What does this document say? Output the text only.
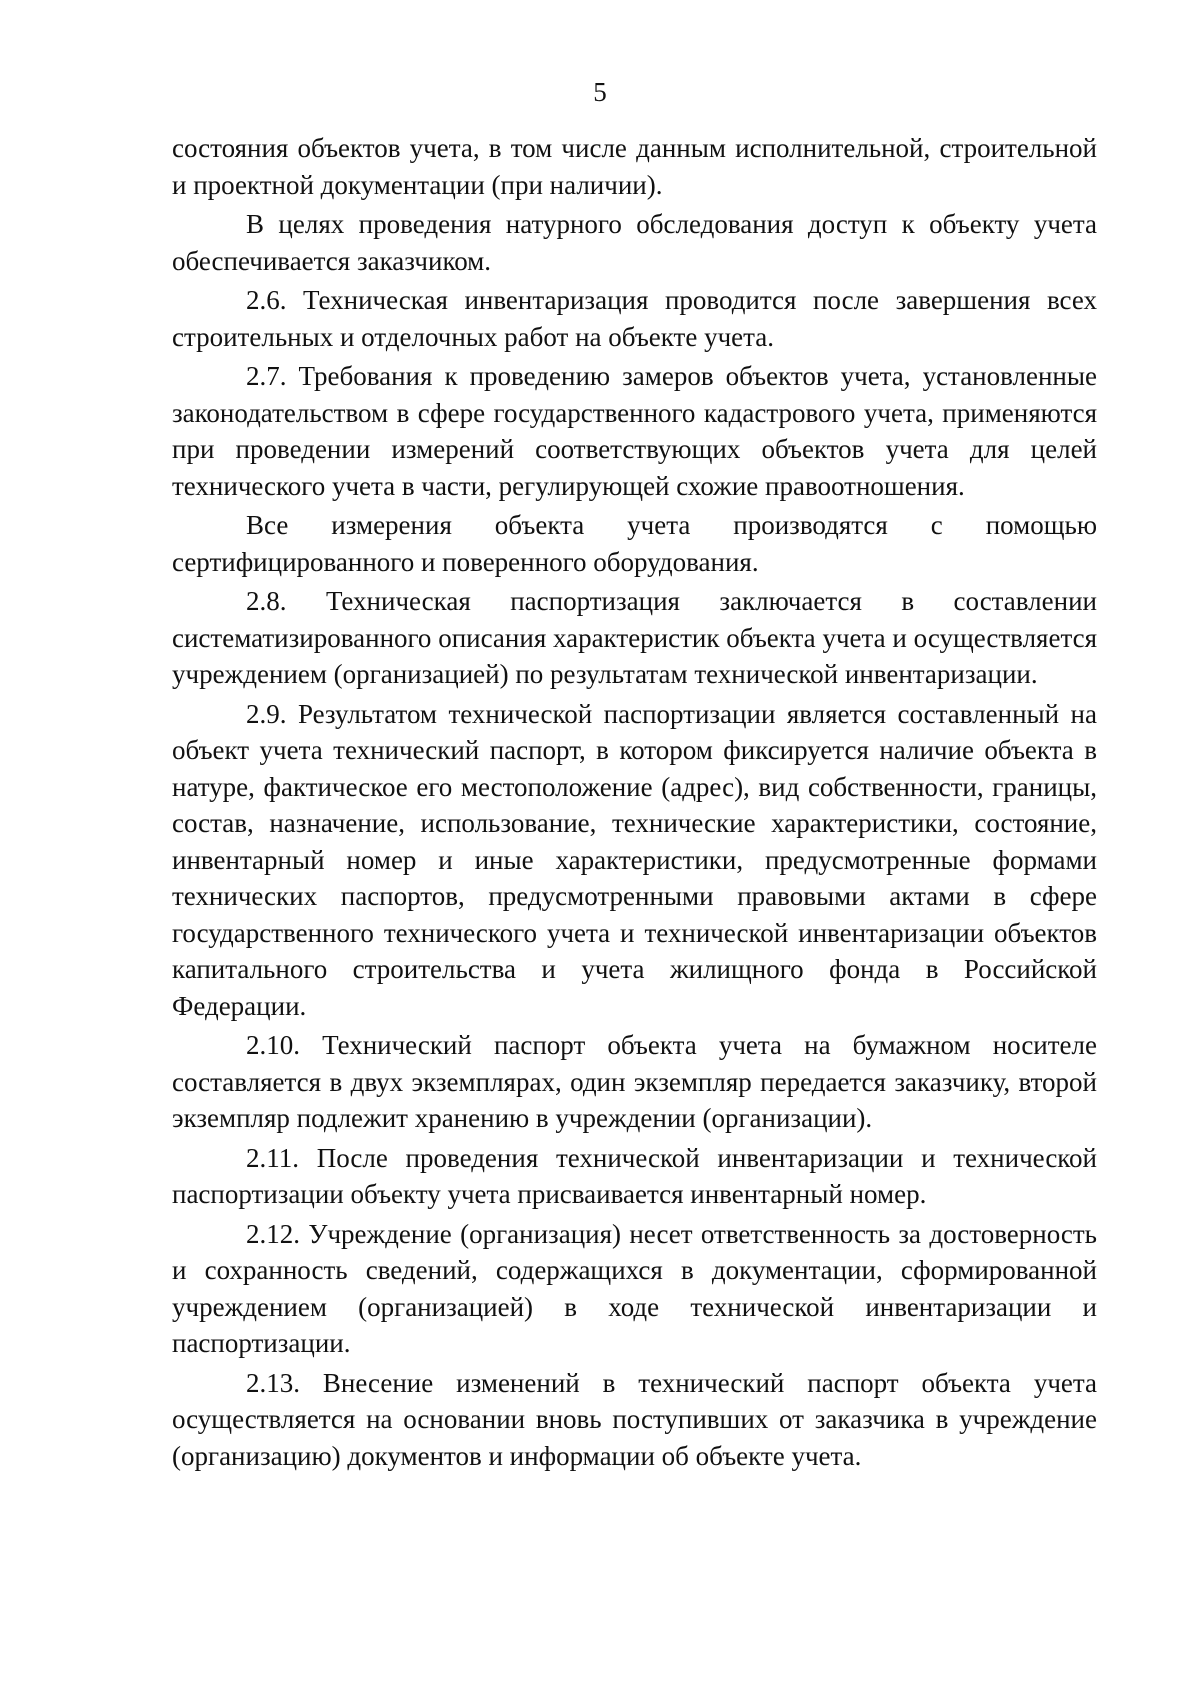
5

состояния объектов учета, в том числе данным исполнительной, строительной и проектной документации (при наличии).

В целях проведения натурного обследования доступ к объекту учета обеспечивается заказчиком.

2.6. Техническая инвентаризация проводится после завершения всех строительных и отделочных работ на объекте учета.

2.7. Требования к проведению замеров объектов учета, установленные законодательством в сфере государственного кадастрового учета, применяются при проведении измерений соответствующих объектов учета для целей технического учета в части, регулирующей схожие правоотношения.

Все измерения объекта учета производятся с помощью сертифицированного и поверенного оборудования.

2.8. Техническая паспортизация заключается в составлении систематизированного описания характеристик объекта учета и осуществляется учреждением (организацией) по результатам технической инвентаризации.

2.9. Результатом технической паспортизации является составленный на объект учета технический паспорт, в котором фиксируется наличие объекта в натуре, фактическое его местоположение (адрес), вид собственности, границы, состав, назначение, использование, технические характеристики, состояние, инвентарный номер и иные характеристики, предусмотренные формами технических паспортов, предусмотренными правовыми актами в сфере государственного технического учета и технической инвентаризации объектов капитального строительства и учета жилищного фонда в Российской Федерации.

2.10. Технический паспорт объекта учета на бумажном носителе составляется в двух экземплярах, один экземпляр передается заказчику, второй экземпляр подлежит хранению в учреждении (организации).

2.11. После проведения технической инвентаризации и технической паспортизации объекту учета присваивается инвентарный номер.

2.12. Учреждение (организация) несет ответственность за достоверность и сохранность сведений, содержащихся в документации, сформированной учреждением (организацией) в ходе технической инвентаризации и паспортизации.

2.13. Внесение изменений в технический паспорт объекта учета осуществляется на основании вновь поступивших от заказчика в учреждение (организацию) документов и информации об объекте учета.
